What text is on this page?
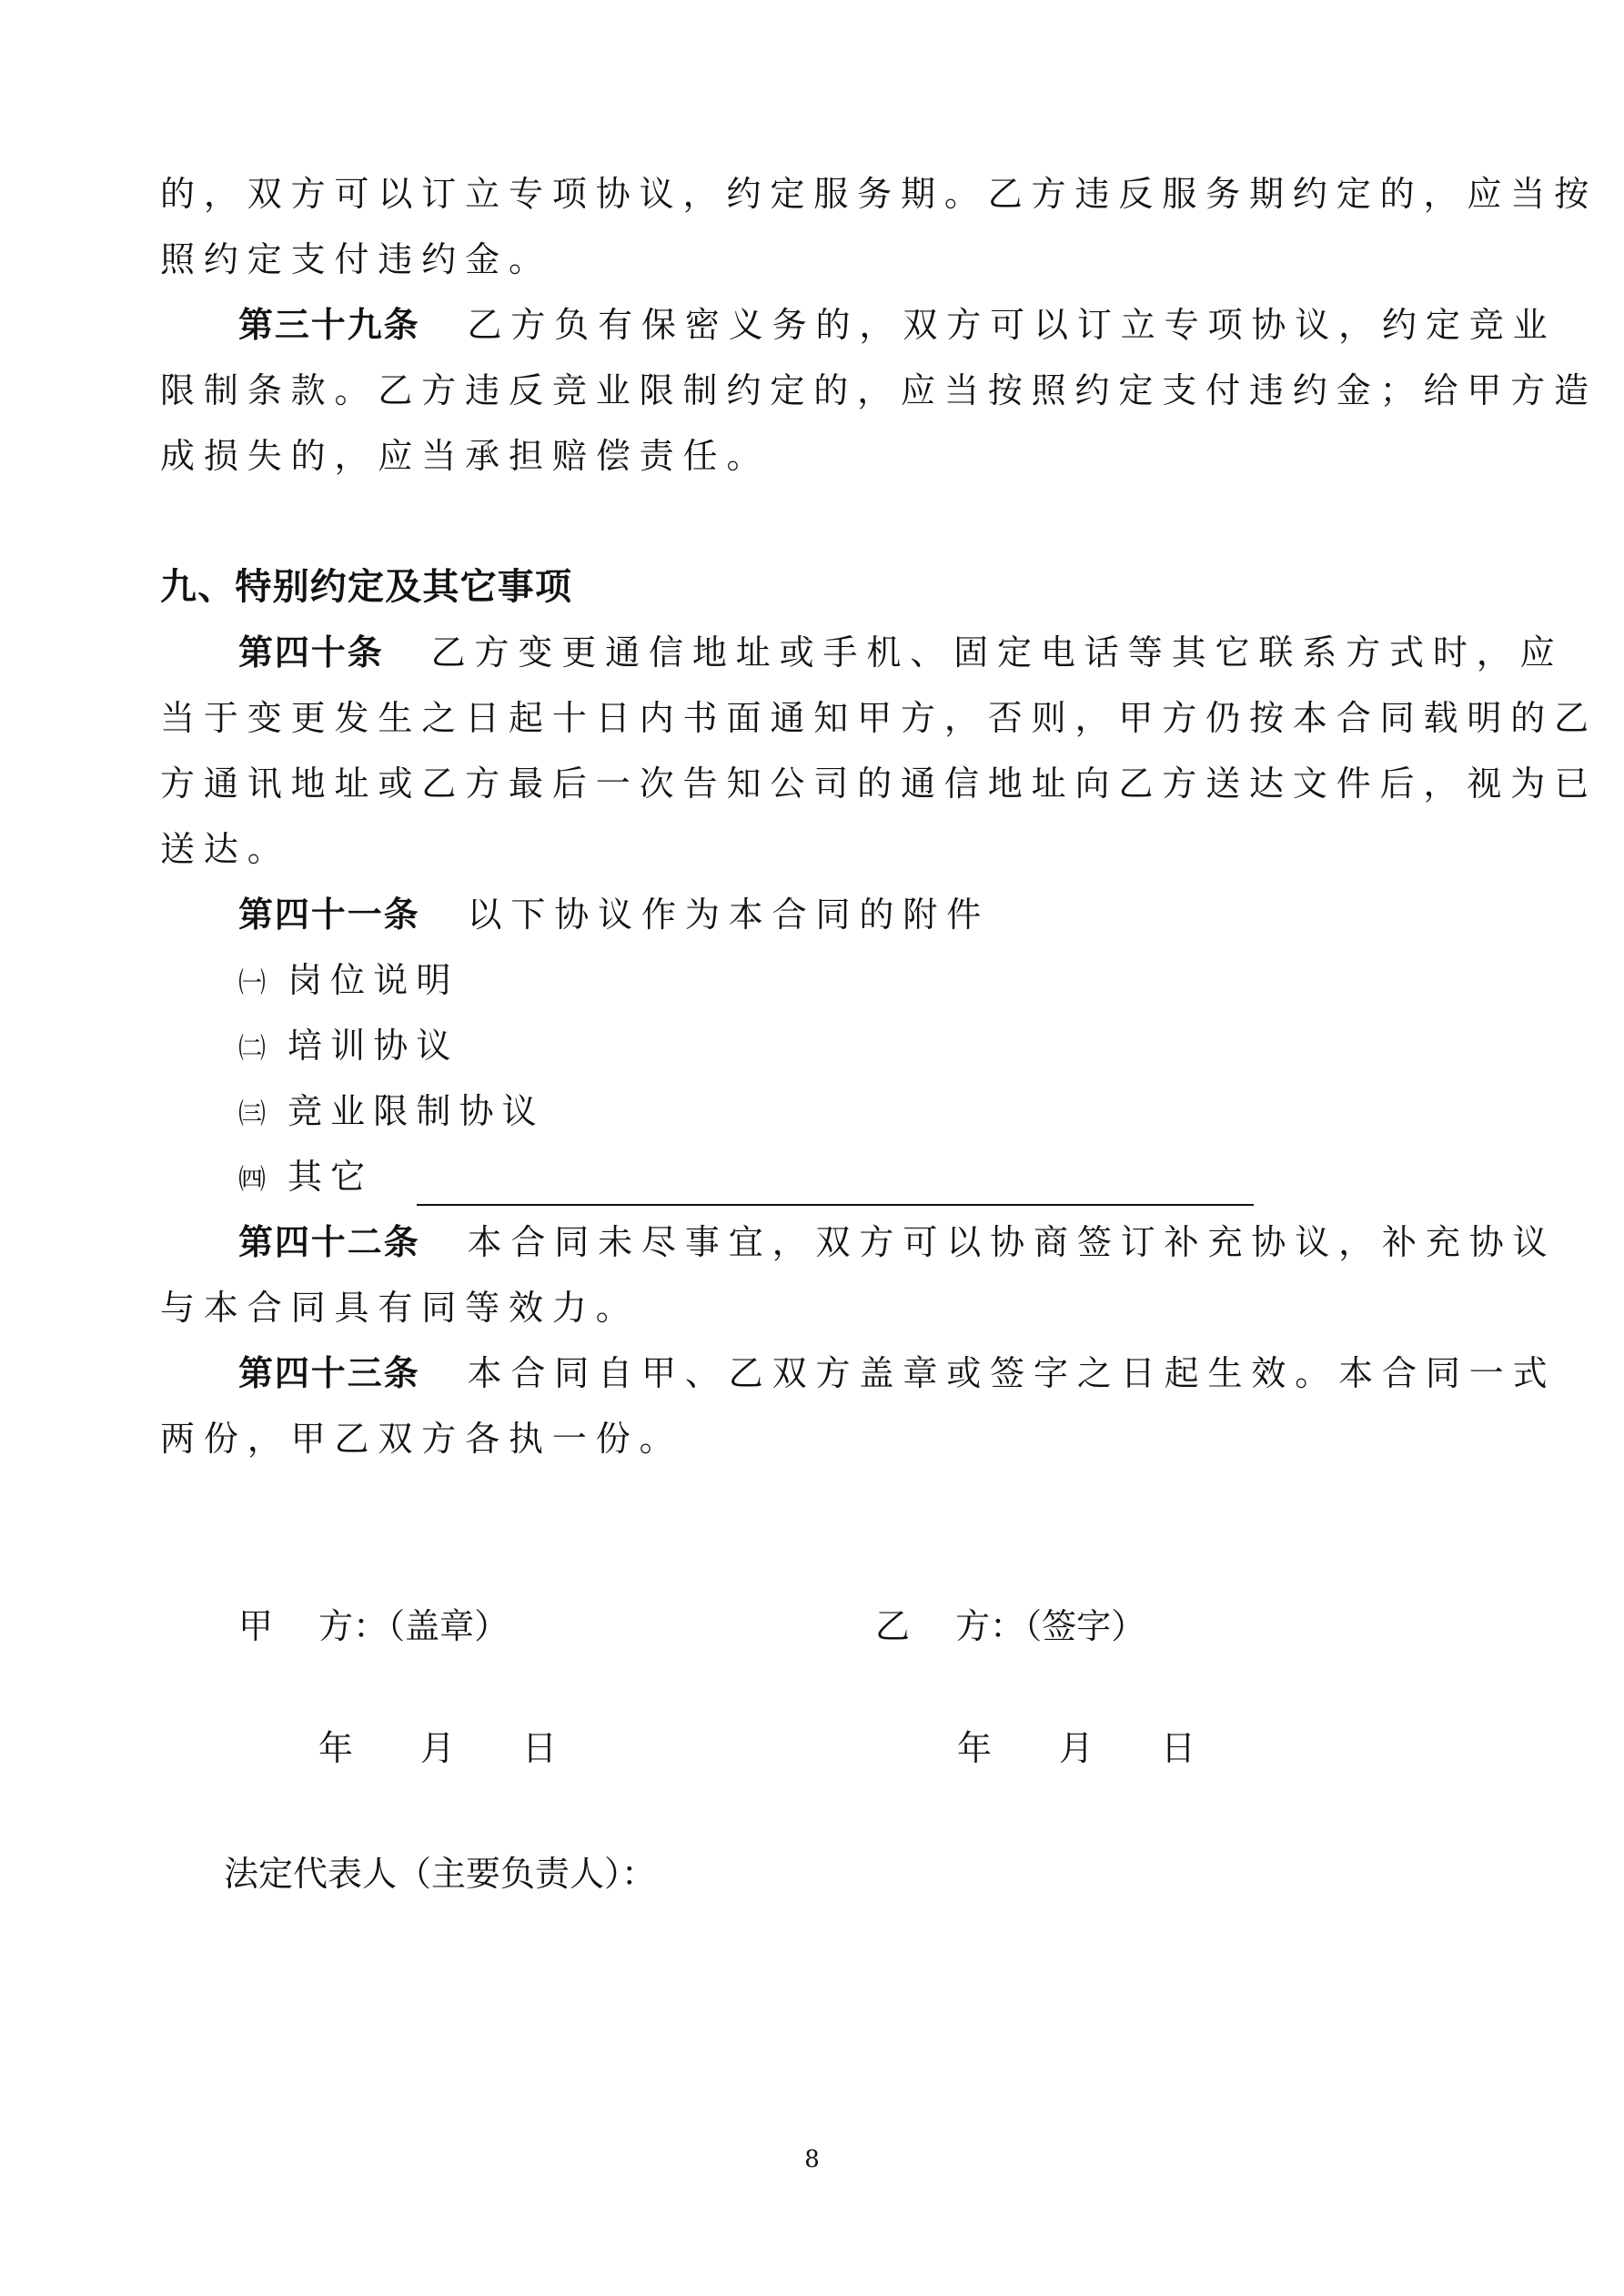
的，双方可以订立专项协议，约定服务期。乙方违反服务期约定的，应当按
照约定支付违约金。
第三十九条 乙方负有保密义务的，双方可以订立专项协议，约定竞业
限制条款。乙方违反竞业限制约定的，应当按照约定支付违约金；给甲方造
成损失的，应当承担赔偿责任。
九、特别约定及其它事项
第四十条 乙方变更通信地址或手机、固定电话等其它联系方式时，应
当于变更发生之日起十日内书面通知甲方，否则，甲方仍按本合同载明的乙
方通讯地址或乙方最后一次告知公司的通信地址向乙方送达文件后，视为已
送达。
第四十一条 以下协议作为本合同的附件
㈠ 岗位说明
㈡ 培训协议
㈢ 竞业限制协议
㈣ 其它
第四十二条 本合同未尽事宜，双方可以协商签订补充协议，补充协议
与本合同具有同等效力。
第四十三条 本合同自甲、乙双方盖章或签字之日起生效。本合同一式
两份，甲乙双方各执一份。
甲　 方：（盖章）	乙　 方：（签字）
年 月 日	年 月 日
法定代表人（主要负责人）：
8
